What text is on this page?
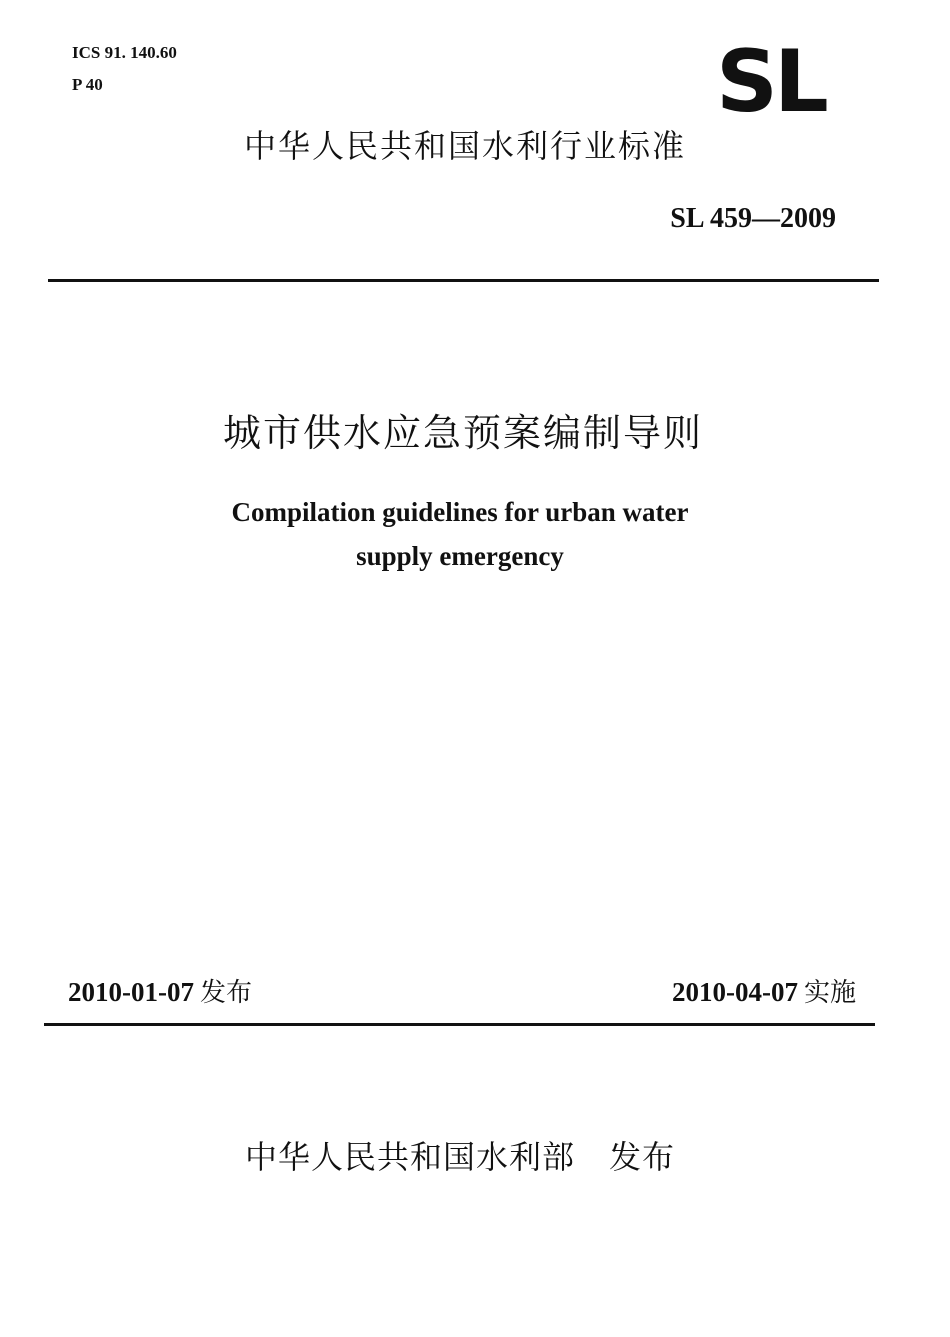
ICS 91. 140.60
P 40	SL
中华人民共和国水利行业标准
SL 459—2009
城市供水应急预案编制导则
Compilation guidelines for urban water
supply emergency
2010-01-07 发布	2010-04-07 实施
中华人民共和国水利部 发布
